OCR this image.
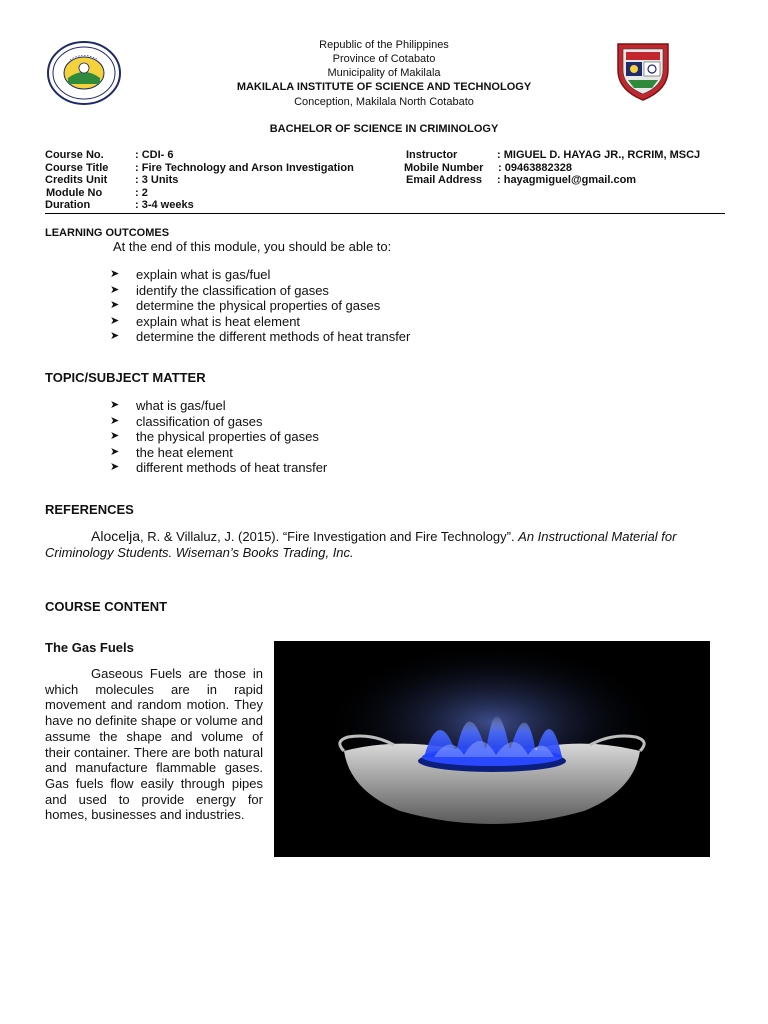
Republic of the Philippines
Province of Cotabato
Municipality of Makilala
MAKILALA INSTITUTE OF SCIENCE AND TECHNOLOGY
Conception, Makilala North Cotabato
BACHELOR OF SCIENCE IN CRIMINOLOGY
Course No.	: CDI- 6
Course Title : Fire Technology and Arson Investigation
Credits Unit	: 3 Units
Module No	: 2
Duration	: 3-4 weeks
Instructor	: MIGUEL D. HAYAG JR., RCRIM, MSCJ
Mobile Number : 09463882328
Email Address : hayagmiguel@gmail.com
LEARNING OUTCOMES
At the end of this module, you should be able to:
➤ explain what is gas/fuel
➤ identify the classification of gases
➤ determine the physical properties of gases
➤ explain what is heat element
➤ determine the different methods of heat transfer
TOPIC/SUBJECT MATTER
➤ what is gas/fuel
➤ classification of gases
➤ the physical properties of gases
➤ the heat element
➤ different methods of heat transfer
REFERENCES
Alocelja, R. & Villaluz, J. (2015). “Fire Investigation and Fire Technology”. An Instructional Material for Criminology Students. Wiseman’s Books Trading, Inc.
COURSE CONTENT
The Gas Fuels
Gaseous Fuels are those in which molecules are in rapid movement and random motion. They have no definite shape or volume and assume the shape and volume of their container. There are both natural and manufacture flammable gases. Gas fuels flow easily through pipes and used to provide energy for homes, businesses and industries.
